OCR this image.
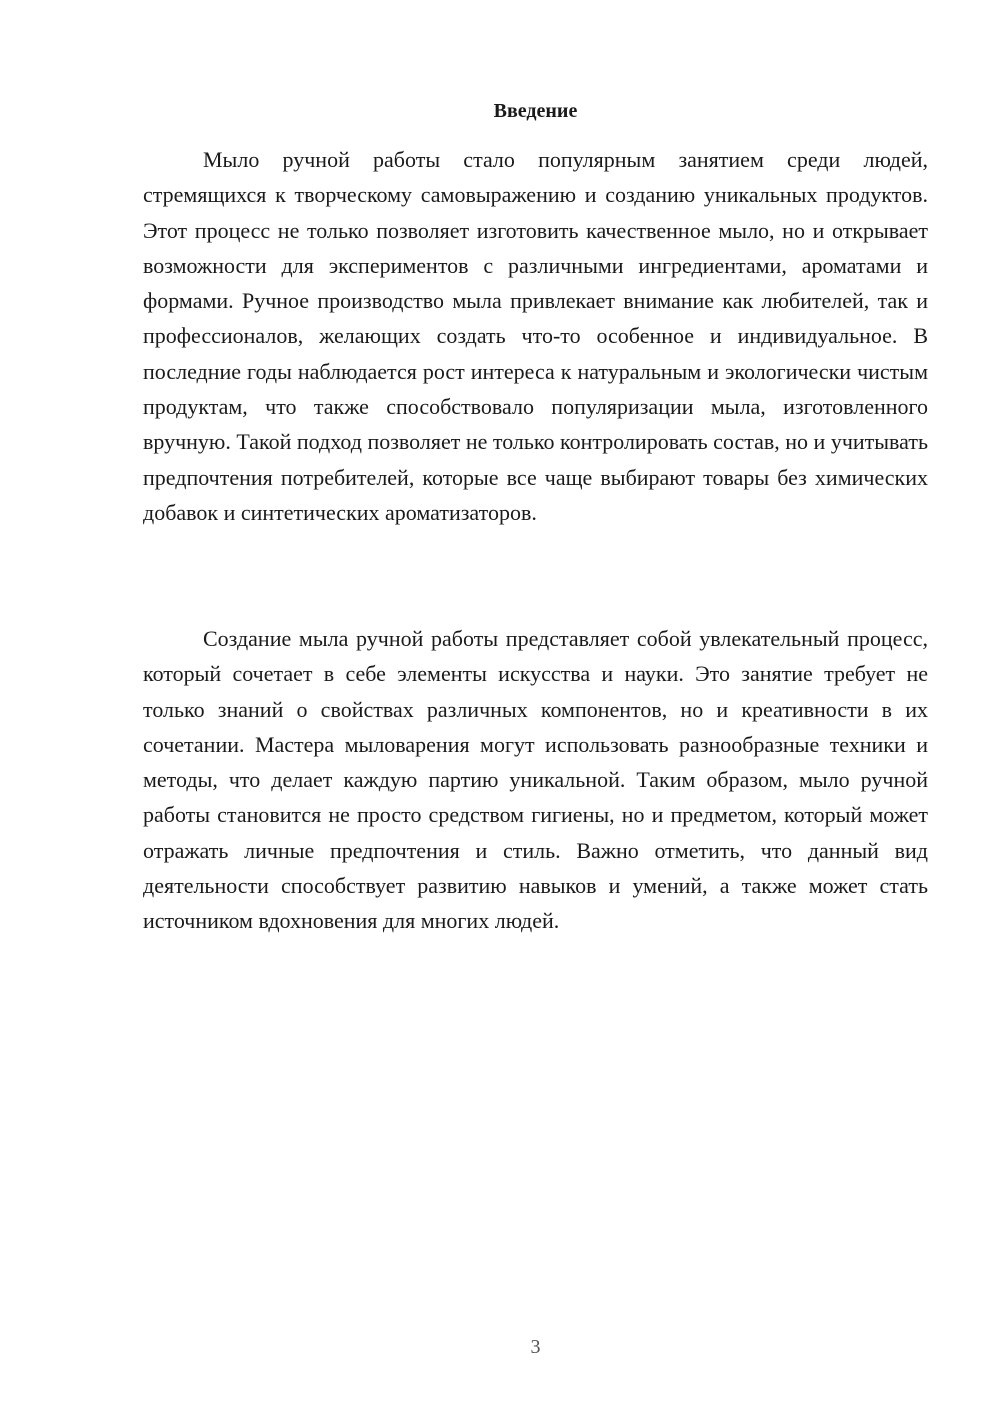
Введение

Мыло ручной работы стало популярным занятием среди людей, стремящихся к творческому самовыражению и созданию уникальных продуктов. Этот процесс не только позволяет изготовить качественное мыло, но и открывает возможности для экспериментов с различными ингредиентами, ароматами и формами. Ручное производство мыла привлекает внимание как любителей, так и профессионалов, желающих создать что-то особенное и индивидуальное. В последние годы наблюдается рост интереса к натуральным и экологически чистым продуктам, что также способствовало популяризации мыла, изготовленного вручную. Такой подход позволяет не только контролировать состав, но и учитывать предпочтения потребителей, которые все чаще выбирают товары без химических добавок и синтетических ароматизаторов.

Создание мыла ручной работы представляет собой увлекательный процесс, который сочетает в себе элементы искусства и науки. Это занятие требует не только знаний о свойствах различных компонентов, но и креативности в их сочетании. Мастера мыловарения могут использовать разнообразные техники и методы, что делает каждую партию уникальной. Таким образом, мыло ручной работы становится не просто средством гигиены, но и предметом, который может отражать личные предпочтения и стиль. Важно отметить, что данный вид деятельности способствует развитию навыков и умений, а также может стать источником вдохновения для многих людей.

3
